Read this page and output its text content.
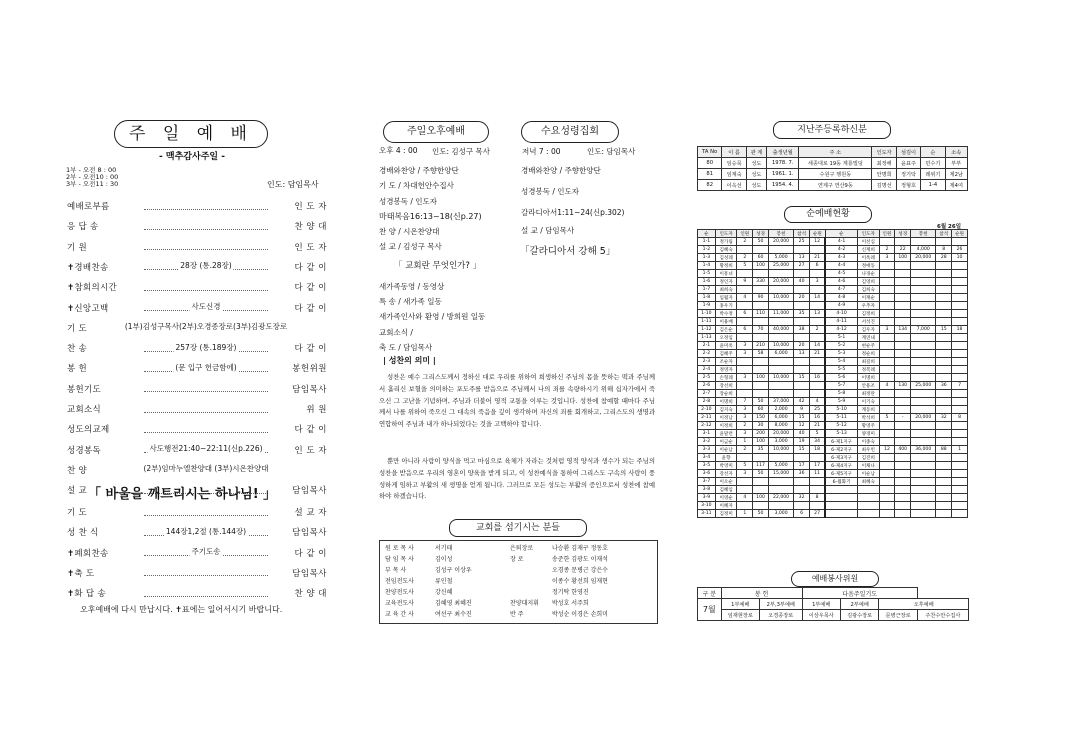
주 일 예 배
- 맥추감사주일 -
1부 - 오전 8 : 00
2부 - 오전10 : 00
3부 - 오전11 : 30	인도: 담임목사
예배로부름	인 도 자
응 답 송	찬 양 대
기 원	인 도 자
✝경배찬송	28장 (통.28장)	다 같 이
✝참회의시간	다 같 이
✝신앙고백	사도신경	다 같 이
기 도	(1부)김성구목사(2부)오경종장로(3부)김광도장로
찬 송	257장 (통.189장)	다 같 이
봉 헌	(문 입구 헌금함에)	봉헌위원
봉헌기도	담임목사
교회소식	위 원
성도의교제	다 같 이
성경봉독	사도행전21:40~22:11(신p.226)	인 도 자
찬 양	(2부)임마누엘찬양대 (3부)시온찬양대
설 교	담임목사
「 바울을 깨트리시는 하나님! 」
기 도	설 교 자
성 찬 식	144장1,2절 (통.144장)	담임목사
✝폐회찬송	주기도송	다 같 이
✝축 도	담임목사
✝화 답 송	찬 양 대
오후예배에 다시 만납시다. ✝표에는 일어서시기 바랍니다.
주일오후예배	수요성령집회
오후 4 : 00 인도: 김성구 목사
경배와찬양 / 주향한양단
기 도 / 차대헌안수집사
성경봉독 / 인도자
마태복음16:13~18(신p.27)
찬 양 / 시온찬양대
설 교 / 김성구 목사
「 교회란 무엇인가? 」
새가족동영 / 동영상
특 송 / 새가족 일동
새가족인사와 환영 / 방희원 일동
교회소식 /
축 도 / 담임목사
저녁 7 : 00	인도: 담임목사
경배와찬양 / 주향한양단
성경봉독 / 인도자
갈라디아서1:11~24(신p.302)
설 교 / 담임목사
「갈라디아서 강해 5」
| 성찬의 의미 |
성찬은 예수 그리스도께서 정하신 대로 우리를 위하여 희생하신 주님의 몸을 뜻하는 떡과 주님께서 흘리신 보혈을 의미하는 포도주를 받음으로 주님께서 나의 죄를 속량하시기 위해 십자가에서 죽으신 그 고난을 기념하며, 주님과 더불어 영적 교통을 이루는 것입니다. 성찬에 참예할 때마다 주님께서 나를 위하여 죽으신 그 대속의 죽음을 깊이 생각하며 자신의 죄를 회개하고, 그리스도의 생명과 연합하여 주님과 내가 하나되었다는 것을 고백하야 합니다.
뿐만 아니라 사람이 양식을 먹고 마심으로 육체가 자라는 것처럼 영적 양식과 생수가 되는 주님의 성찬을 받음으로 우리의 영혼이 양육을 받게 되고, 이 성찬예식을 통하여 그리스도 구속의 사랑이 풍성하게 임하고 부활의 새 생명을 얻게 됩니다. 그러므로 모든 성도는 부활의 증인으로서 성찬에 참예하야 하겠습니다.
교회를 섬기시는 분들
원 로 목 사	서기태
담 임 목 사	김이성
부 목 사	김성구 이상우
전임전도사	류인철
찬양전도사	강신혜
교육전도사	김혜영 최혜진
교 육 간 사	여선구 최수진
은퇴장로	나승환 김재구 정동호
장 로	송준한 김광도 이재석
	오경종 문병근 강은수
	이종수 황선희 임재현
	정기탁 한영진
찬양대지휘	박성호 서주희
반 주	박성순 이경은 손희미
지난주등록하신분
TA No	이 름	관 계	출생년월	주 소	인도자	섬김이	순	소속
80	임승묵	성도	1978. 7.	세종대로 19동 계룡빌딩	최정해	윤표주	민수기	부부
81	임계숙	성도	1961. 1.	수원구 행원동	안명희	정기탁	레위기	제2남
82	이옥선	성도	1954. 4.	연제구 연산9동	김명선	정형호	1-4	제4여
순예배현황
6월 26일
순	인도자	인원	성경	봉헌	참석	순원	순	인도자	인원	성경	봉헌	참석	순원
1-1	정가림	2	50	20,000	25	12	4-1	이선심					
1-2	김혜숙						4-2	신계희	2	22	4,000	8	26
1-3	김성례	2	60	5,000	13	21	4-3	이옥례	3	100	20,000	28	10
1-4	황정희	5	100	25,000	27	6	4-4	정애동					
1-5	이흥녀						4-5	나경순					
1-6	정인자	9	330	20,000	40	3	4-6	김영희					
1-7	최희숙						4-7	김희숙					
1-8	임월자	4	90	10,000	20	14	4-8	이재순					
1-9	홍우기						4-9	우추자					
1-10	박수정	6	110	11,000	35	13	4-10	김정희					
1-11	이용배						4-11	서석진					
1-12	김은순	6	70	40,000	38	2	4-12	김우자	3	134	7,000	15	18
1-13	오정임						5-1	계연내					
2-1	윤미옥	3	210	10,000	20	14	5-2	현순주					
2-2	김혜주	3	58	6,000	13	21	5-3	정순희					
2-3	조순자						5-4	최길희					
2-4	정영자						5-5	정복례					
2-5	손형례	3	100	10,000	15	16	5-6	이명희					
2-6	장선희						5-7	안용조	4	130	25,000	36	7
2-7	장순희						5-8	최정란					
2-8	이명희	7	50	37,000	42	4	5-9	이기숙					
2-10	김지숙	3	60	2,000	9	25	5-10	계동희					
2-11	이정남	3	150	6,000	15	16	5-11	박석희	5	-	20,000	32	8
2-12	이정희	2	30	8,000	12	21	5-12	황영주					
3-1	윤말련	3	200	20,000	40	5	5-13	양경미					
3-2	이금순	1	100	3,000	19	34	6-제1지구	이종숙					
3-3	이순남	2	35	10,000	15	18	6-제2지구	최우빈	12	400	36,000	88	1
3-4	윤향						6-제3지구	김진희					
3-5	박영미	5	117	5,000	17	17	6-제4지구	이채나					
3-6	강선자	3	50	15,000	36	11	6-제5지구	이순남					
3-7	이오순						6-월화기	최혜숙					
3-8	김혜임												
3-9	이영순	4	100	22,000	32	8							
3-10	이혜자												
3-11	김정미	1	50	3,000	6	27							
예배봉사위원
구 분	봉 헌		다음주일기도			
7월	1부예배	2부,3부예배	1부예배	2부예배	오후예배	
	임재현장로	오경종장로	이상우목사	김광수장로	문병근장로	주찬수안수집사
